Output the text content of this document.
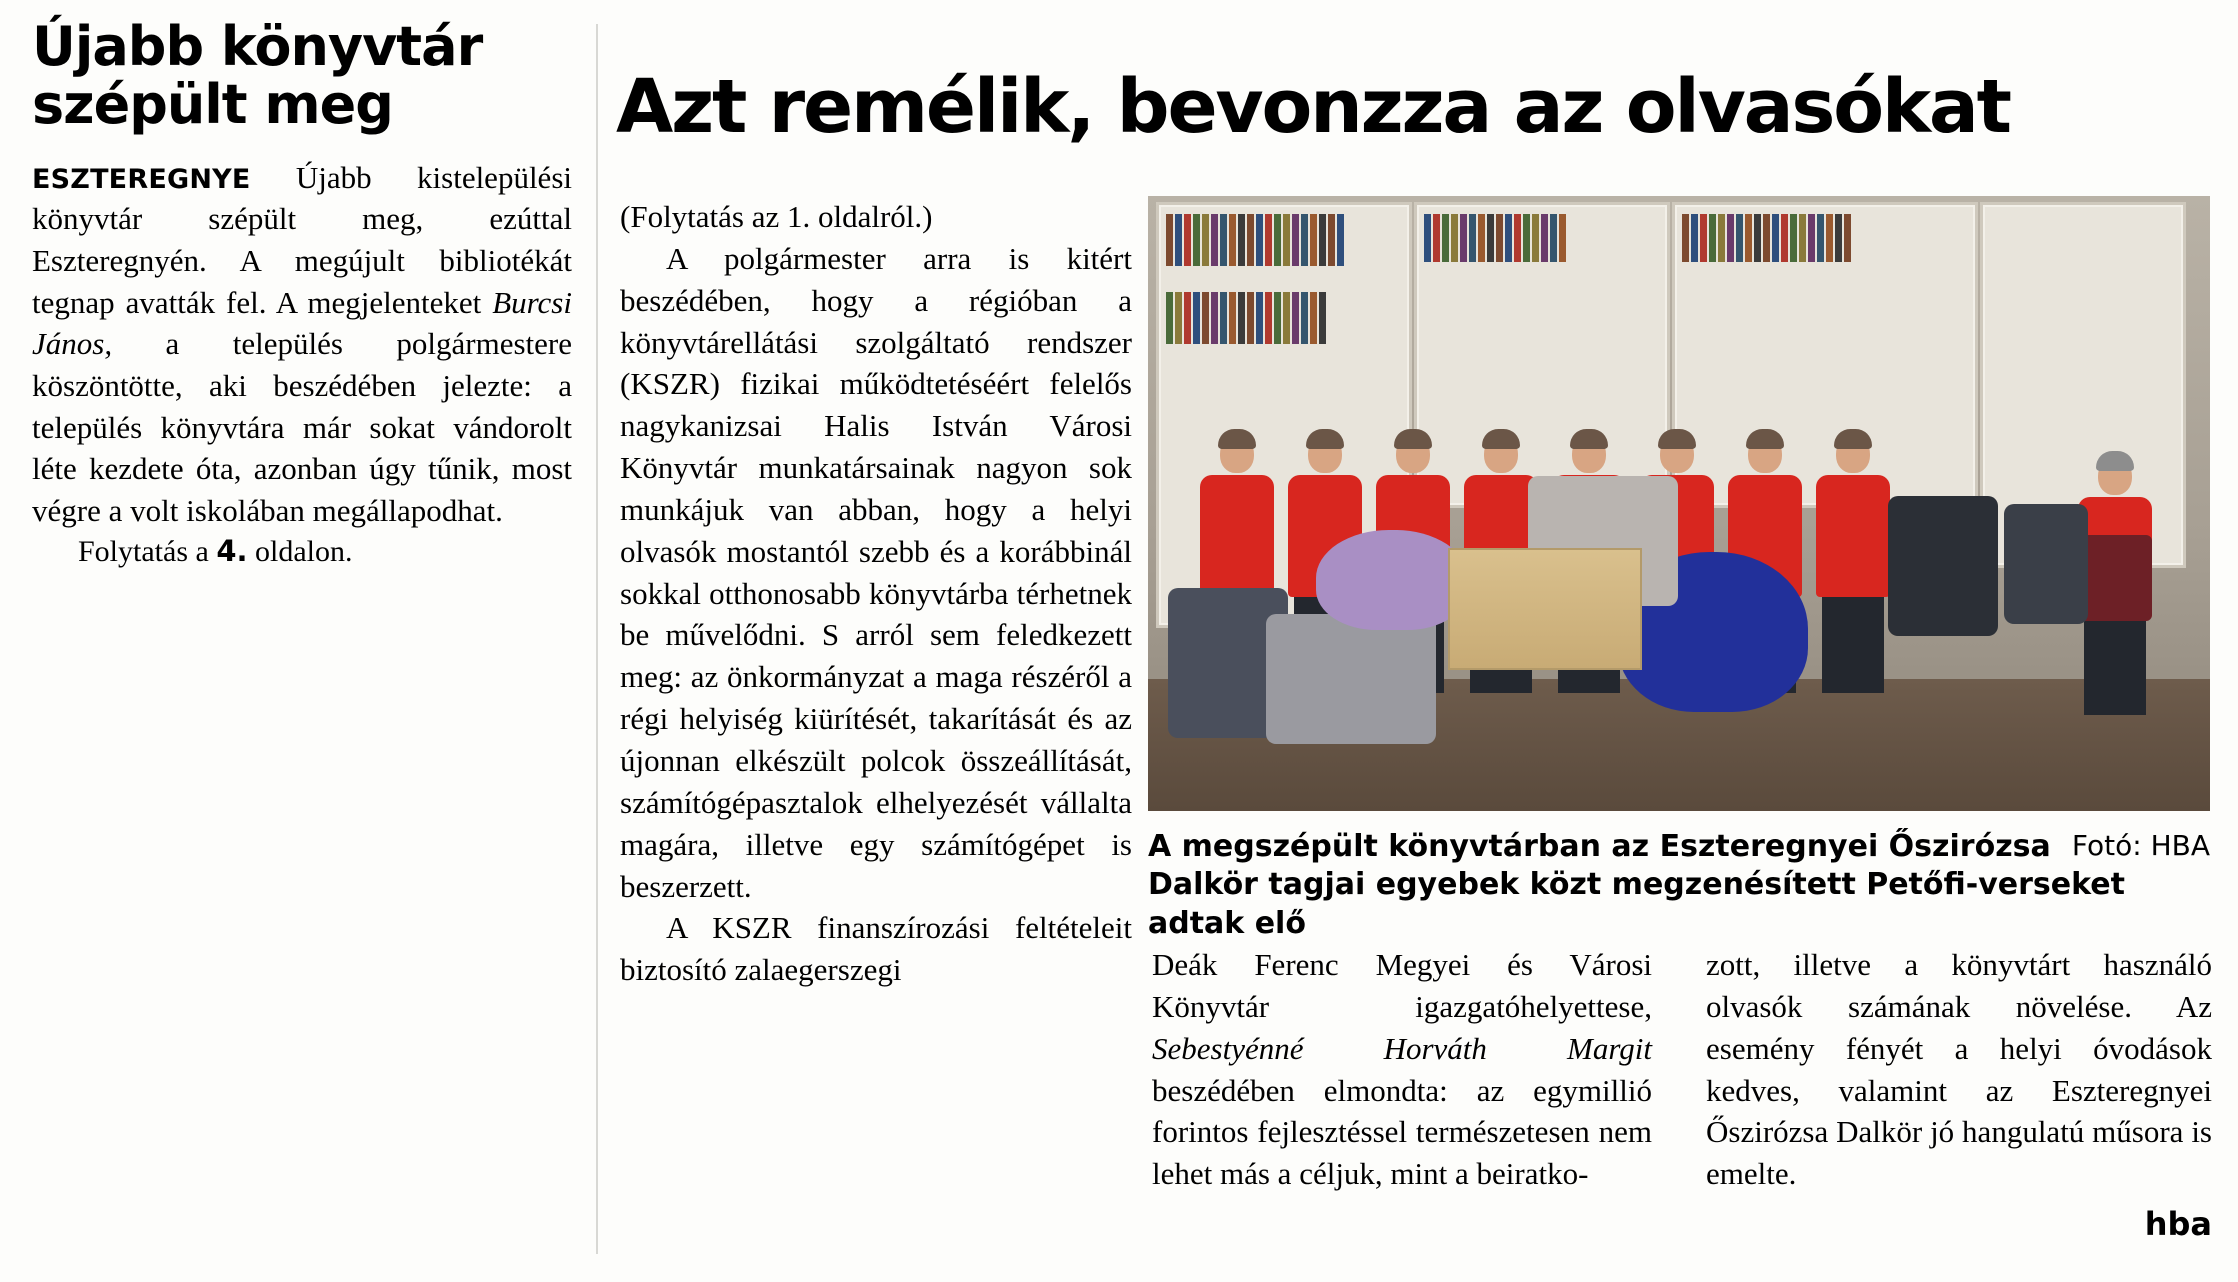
Újabb könyvtár szépült meg

ESZTEREGNYE Újabb kistelepülési könyvtár szépült meg, ezúttal Eszteregnyén. A megújult bibliotékát tegnap avatták fel. A megjelenteket Burcsi János, a település polgármestere köszöntötte, aki beszédében jelezte: a település könyvtára már sokat vándorolt léte kezdete óta, azonban úgy tűnik, most végre a volt iskolában megállapodhat.

Folytatás a 4. oldalon.

Azt remélik, bevonzza az olvasókat

(Folytatás az 1. oldalról.)

A polgármester arra is kitért beszédében, hogy a régióban a könyvtárellátási szolgáltató rendszer (KSZR) fizikai működtetéséért felelős nagykanizsai Halis István Városi Könyvtár munkatársainak nagyon sok munkájuk van abban, hogy a helyi olvasók mostantól szebb és a korábbinál sokkal otthonosabb könyvtárba térhetnek be művelődni. S arról sem feledkezett meg: az önkormányzat a maga részéről a régi helyiség kiürítését, takarítását és az újonnan elkészült polcok összeállítását, számítógépasztalok elhelyezését vállalta magára, illetve egy számítógépet is beszerzett.

A KSZR finanszírozási feltételeit biztosító zalaegerszegi

Fotó: HBA
A megszépült könyvtárban az Eszteregnyei Őszirózsa Dalkör tagjai egyebek közt megzenésített Petőfi-verseket adtak elő

Deák Ferenc Megyei és Városi Könyvtár igazgatóhelyettese, Sebestyénné Horváth Margit beszédében elmondta: az egymillió forintos fejlesztéssel természetesen nem lehet más a céljuk, mint a beiratko-

zott, illetve a könyvtárt használó olvasók számának növelése. Az esemény fényét a helyi óvodások kedves, valamint az Eszteregnyei Őszirózsa Dalkör jó hangulatú műsora is emelte.

hba
